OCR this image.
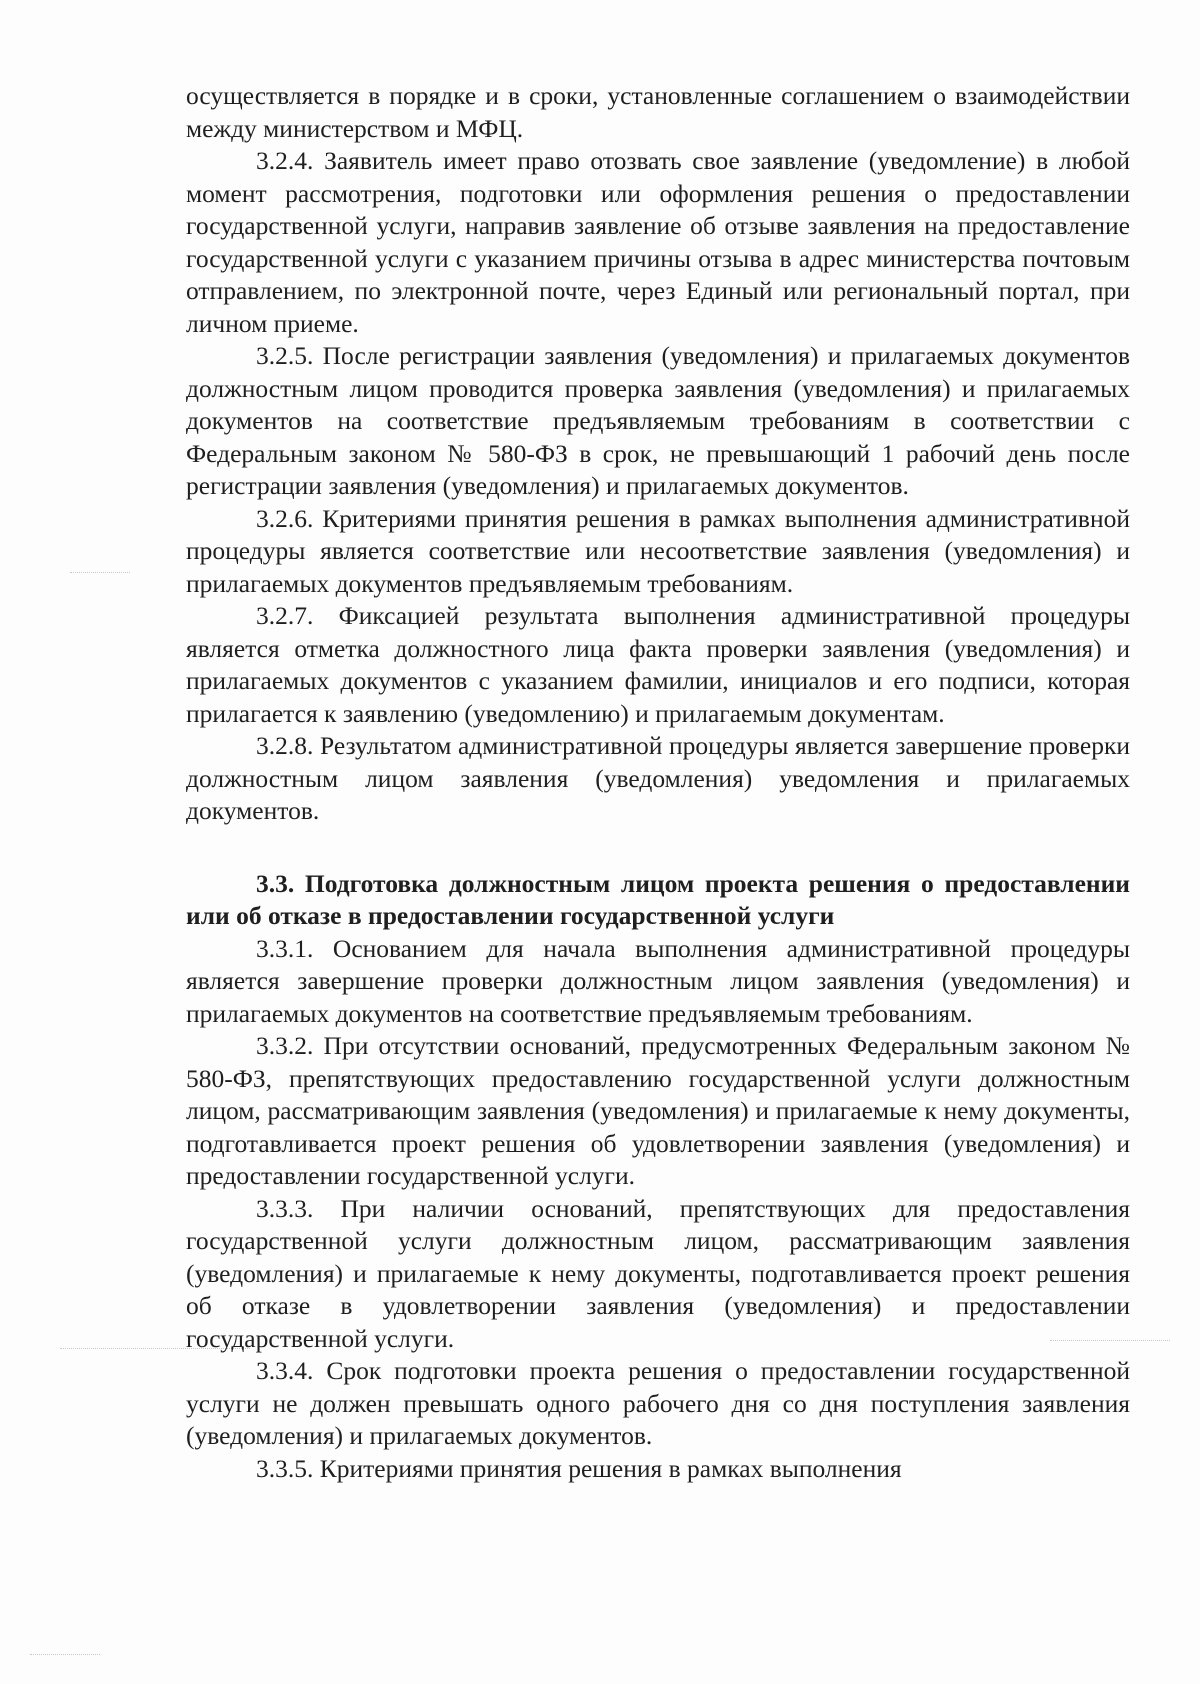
осуществляется в порядке и в сроки, установленные соглашением о взаимодействии между министерством и МФЦ.

3.2.4. Заявитель имеет право отозвать свое заявление (уведомление) в любой момент рассмотрения, подготовки или оформления решения о предоставлении государственной услуги, направив заявление об отзыве заявления на предоставление государственной услуги с указанием причины отзыва в адрес министерства почтовым отправлением, по электронной почте, через Единый или региональный портал, при личном приеме.

3.2.5. После регистрации заявления (уведомления) и прилагаемых документов должностным лицом проводится проверка заявления (уведомления) и прилагаемых документов на соответствие предъявляемым требованиям в соответствии с Федеральным законом № 580-ФЗ в срок, не превышающий 1 рабочий день после регистрации заявления (уведомления) и прилагаемых документов.

3.2.6. Критериями принятия решения в рамках выполнения административной процедуры является соответствие или несоответствие заявления (уведомления) и прилагаемых документов предъявляемым требованиям.

3.2.7. Фиксацией результата выполнения административной процедуры является отметка должностного лица факта проверки заявления (уведомления) и прилагаемых документов с указанием фамилии, инициалов и его подписи, которая прилагается к заявлению (уведомлению) и прилагаемым документам.

3.2.8. Результатом административной процедуры является завершение проверки должностным лицом заявления (уведомления) уведомления и прилагаемых документов.

3.3. Подготовка должностным лицом проекта решения о предоставлении или об отказе в предоставлении государственной услуги

3.3.1. Основанием для начала выполнения административной процедуры является завершение проверки должностным лицом заявления (уведомления) и прилагаемых документов на соответствие предъявляемым требованиям.

3.3.2. При отсутствии оснований, предусмотренных Федеральным законом № 580-ФЗ, препятствующих предоставлению государственной услуги должностным лицом, рассматривающим заявления (уведомления) и прилагаемые к нему документы, подготавливается проект решения об удовлетворении заявления (уведомления) и предоставлении государственной услуги.

3.3.3. При наличии оснований, препятствующих для предоставления государственной услуги должностным лицом, рассматривающим заявления (уведомления) и прилагаемые к нему документы, подготавливается проект решения об отказе в удовлетворении заявления (уведомления) и предоставлении государственной услуги.

3.3.4. Срок подготовки проекта решения о предоставлении государственной услуги не должен превышать одного рабочего дня со дня поступления заявления (уведомления) и прилагаемых документов.

3.3.5. Критериями принятия решения в рамках выполнения
